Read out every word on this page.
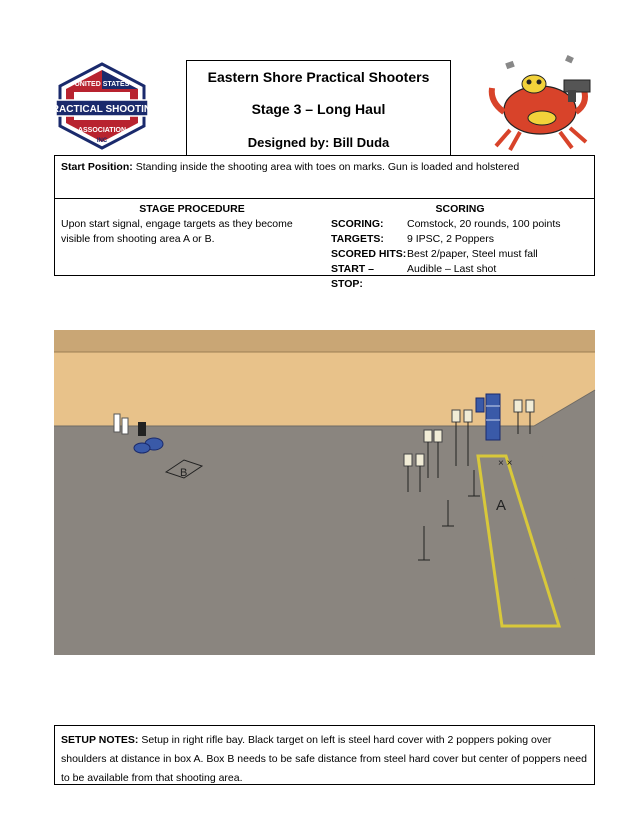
PRACTICAL SHOOTING
UNITED STATES
ASSOCIATION
INC
Eastern Shore Practical Shooters
Stage 3 – Long Haul
Designed by: Bill Duda
Start Position: Standing inside the shooting area with toes on marks. Gun is loaded and holstered
STAGE PROCEDURE
Upon start signal, engage targets as they become visible from shooting area A or B.
SCORING
SCORING:	Comstock, 20 rounds, 100 points
TARGETS:	9 IPSC, 2 Poppers
SCORED HITS: Best 2/paper, Steel must fall
START – STOP:
Audible – Last shot
B
A
× ×
SETUP NOTES: Setup in right rifle bay. Black target on left is steel hard cover with 2 poppers poking over shoulders at distance in box A. Box B needs to be safe distance from steel hard cover but center of poppers need to be available from that shooting area.
